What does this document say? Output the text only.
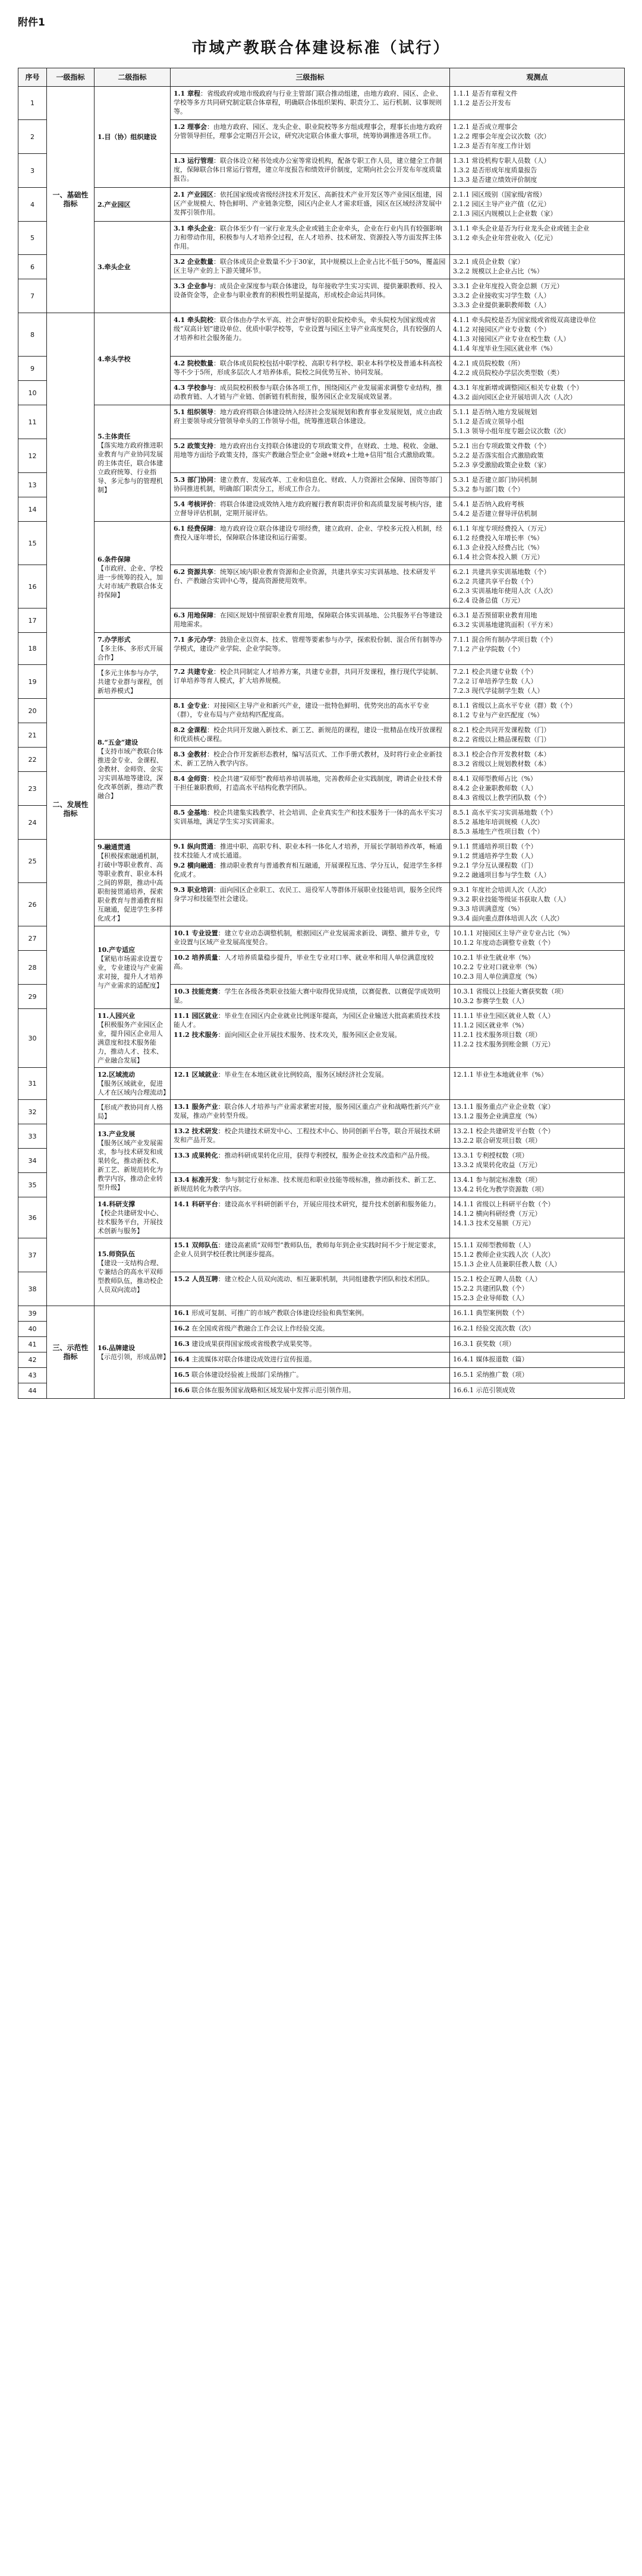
附件1
市域产教联合体建设标准（试行）
序号	一级指标	二级指标	三级指标	观测点
1	一、基础性指标	1.目（协）组织建设	1.1 章程：省级政府或地市级政府与行业主管部门联合推动组建，由地方政府、园区、企业、学校等多方共同研究制定联合体章程，明确联合体组织架构、职责分工、运行机制、议事规则等。	1.1.1 是否有章程文件
1.1.2 是否公开发布

2			1.2 理事会：由地方政府、园区、龙头企业、职业院校等多方组成理事会，理事长由地方政府分管领导担任，理事会定期召开会议，研究决定联合体重大事项，统筹协调推进各项工作。	1.2.1 是否成立理事会
1.2.2 理事会年度会议次数（次）
1.2.3 是否有年度工作计划

3			1.3 运行管理：联合体设立秘书处或办公室等常设机构，配备专职工作人员，建立健全工作制度，保障联合体日常运行管理，建立年度报告和绩效评价制度，定期向社会公开发布年度质量报告。	1.3.1 常设机构专职人员数（人）
1.3.2 是否形成年度质量报告
1.3.3 是否建立绩效评价制度

4		2.产业园区	2.1 产业园区：依托国家级或省级经济技术开发区、高新技术产业开发区等产业园区组建，园区产业规模大、特色鲜明、产业链条完整，园区内企业人才需求旺盛，园区在区域经济发展中发挥引领作用。	2.1.1 园区级别（国家级/省级）
2.1.2 园区主导产业产值（亿元）
2.1.3 园区内规模以上企业数（家）

5		3.牵头企业	3.1 牵头企业：联合体至少有一家行业龙头企业或链主企业牵头，企业在行业内具有较强影响力和带动作用，积极参与人才培养全过程，在人才培养、技术研发、资源投入等方面发挥主体作用。	3.1.1 牵头企业是否为行业龙头企业或链主企业
3.1.2 牵头企业年营业收入（亿元）

6			3.2 企业数量：联合体成员企业数量不少于30家，其中规模以上企业占比不低于50%，覆盖园区主导产业的上下游关键环节。	3.2.1 成员企业数（家）
3.2.2 规模以上企业占比（%）

7			3.3 企业参与：成员企业深度参与联合体建设，每年接收学生实习实训、提供兼职教师、投入设备资金等，企业参与职业教育的积极性明显提高，形成校企命运共同体。	3.3.1 企业年度投入资金总额（万元）
3.3.2 企业接收实习学生数（人）
3.3.3 企业提供兼职教师数（人）

8	二、发展性指标	4.牵头学校	4.1 牵头院校：联合体由办学水平高、社会声誉好的职业院校牵头，牵头院校为国家级或省级“双高计划”建设单位、优质中职学校等，专业设置与园区主导产业高度契合，具有较强的人才培养和社会服务能力。	4.1.1 牵头院校是否为国家级或省级双高建设单位
4.1.2 对接园区产业专业数（个）
4.1.3 对接园区产业专业在校生数（人）
4.1.4 年度毕业生园区就业率（%）

9			4.2 院校数量：联合体成员院校包括中职学校、高职专科学校、职业本科学校及普通本科高校等不少于5所，形成多层次人才培养体系，院校之间优势互补、协同发展。	4.2.1 成员院校数（所）
4.2.2 成员院校办学层次类型数（类）

10			4.3 学校参与：成员院校积极参与联合体各项工作，围绕园区产业发展需求调整专业结构，推动教育链、人才链与产业链、创新链有机衔接，服务园区企业发展成效显著。	4.3.1 年度新增或调整园区相关专业数（个）
4.3.2 面向园区企业开展培训人次（人次）

11		5.主体责任
【落实地方政府推进职业教育与产业协同发展的主体责任，联合体建立政府统筹、行业指导、多元参与的管理机制】	5.1 组织领导：地方政府将联合体建设纳入经济社会发展规划和教育事业发展规划，成立由政府主要领导或分管领导牵头的工作领导小组，统筹推进联合体建设。	5.1.1 是否纳入地方发展规划
5.1.2 是否成立领导小组
5.1.3 领导小组年度专题会议次数（次）

12			5.2 政策支持：地方政府出台支持联合体建设的专项政策文件，在财政、土地、税收、金融、用地等方面给予政策支持，落实产教融合型企业“金融+财政+土地+信用”组合式激励政策。	5.2.1 出台专项政策文件数（个）
5.2.2 是否落实组合式激励政策
5.2.3 享受激励政策企业数（家）

13			5.3 部门协同：建立教育、发展改革、工业和信息化、财政、人力资源社会保障、国资等部门协同推进机制，明确部门职责分工，形成工作合力。	5.3.1 是否建立部门协同机制
5.3.2 参与部门数（个）

14			5.4 考核评价：将联合体建设成效纳入地方政府履行教育职责评价和高质量发展考核内容，建立督导评估机制，定期开展评估。	5.4.1 是否纳入政府考核
5.4.2 是否建立督导评估机制

15		6.条件保障
【市政府、企业、学校进一步统筹的投入，加大对市域产教联合体支持保障】	6.1 经费保障：地方政府设立联合体建设专项经费，建立政府、企业、学校多元投入机制，经费投入逐年增长，保障联合体建设和运行需要。	6.1.1 年度专项经费投入（万元）
6.1.2 经费投入年增长率（%）
6.1.3 企业投入经费占比（%）
6.1.4 社会资本投入额（万元）

16			6.2 资源共享：统筹区域内职业教育资源和企业资源，共建共享实习实训基地、技术研发平台、产教融合实训中心等，提高资源使用效率。	6.2.1 共建共享实训基地数（个）
6.2.2 共建共享平台数（个）
6.2.3 实训基地年使用人次（人次）
6.2.4 设备总值（万元）

17			6.3 用地保障：在园区规划中预留职业教育用地，保障联合体实训基地、公共服务平台等建设用地需求。	6.3.1 是否预留职业教育用地
6.3.2 实训基地建筑面积（平方米）

18		7.办学形式
【多主体、多形式开展合作】	7.1 多元办学：鼓励企业以资本、技术、管理等要素参与办学，探索股份制、混合所有制等办学模式，建设产业学院、企业学院等。	7.1.1 混合所有制办学项目数（个）
7.1.2 产业学院数（个）

19		【多元主体参与办学，共建专业群与课程，创新培养模式】	7.2 共建专业：校企共同制定人才培养方案，共建专业群，共同开发课程，推行现代学徒制、订单培养等育人模式，扩大培养规模。	7.2.1 校企共建专业数（个）
7.2.2 订单培养学生数（人）
7.2.3 现代学徒制学生数（人）

20		8.“五金”建设
【支持市域产教联合体推进金专业、金课程、金教材、金师资、金实习实训基地等建设，深化改革创新，推动产教融合】	8.1 金专业：对接园区主导产业和新兴产业，建设一批特色鲜明、优势突出的高水平专业（群），专业布局与产业结构匹配度高。	8.1.1 省级以上高水平专业（群）数（个）
8.1.2 专业与产业匹配度（%）

21			8.2 金课程：校企共同开发融入新技术、新工艺、新规范的课程，建设一批精品在线开放课程和优质核心课程。	8.2.1 校企共同开发课程数（门）
8.2.2 省级以上精品课程数（门）

22			8.3 金教材：校企合作开发新形态教材，编写活页式、工作手册式教材，及时将行业企业新技术、新工艺纳入教学内容。	8.3.1 校企合作开发教材数（本）
8.3.2 省级以上规划教材数（本）

23			8.4 金师资：校企共建“双师型”教师培养培训基地，完善教师企业实践制度，聘请企业技术骨干担任兼职教师，打造高水平结构化教学团队。	8.4.1 双师型教师占比（%）
8.4.2 企业兼职教师数（人）
8.4.3 省级以上教学团队数（个）

24			8.5 金基地：校企共建集实践教学、社会培训、企业真实生产和技术服务于一体的高水平实习实训基地，满足学生实习实训需求。	8.5.1 高水平实习实训基地数（个）
8.5.2 基地年培训规模（人次）
8.5.3 基地生产性项目数（个）

25		9.融通贯通
【积极探索融通机制，打破中等职业教育、高等职业教育、职业本科之间的界限，推动中高职衔接贯通培养，探索职业教育与普通教育相互融通，促进学生多样化成才】	9.1 纵向贯通：推进中职、高职专科、职业本科一体化人才培养，开展长学制培养改革，畅通技术技能人才成长通道。
9.2 横向融通：推动职业教育与普通教育相互融通，开展课程互选、学分互认，促进学生多样化成才。	9.1.1 贯通培养项目数（个）
9.1.2 贯通培养学生数（人）
9.2.1 学分互认课程数（门）
9.2.2 融通项目参与学生数（人）

26			9.3 职业培训：面向园区企业职工、农民工、退役军人等群体开展职业技能培训，服务全民终身学习和技能型社会建设。	9.3.1 年度社会培训人次（人次）
9.3.2 职业技能等级证书获取人数（人）
9.3.3 培训满意度（%）
9.3.4 面向重点群体培训人次（人次）

27		10.产专适应
【紧贴市场需求设置专业，专业建设与产业需求对接，提升人才培养与产业需求的适配度】	10.1 专业设置：建立专业动态调整机制，根据园区产业发展需求新设、调整、撤并专业，专业设置与区域产业发展高度契合。	10.1.1 对接园区主导产业专业占比（%）
10.1.2 年度动态调整专业数（个）

28			10.2 培养质量：人才培养质量稳步提升，毕业生专业对口率、就业率和用人单位满意度较高。	10.2.1 毕业生就业率（%）
10.2.2 专业对口就业率（%）
10.2.3 用人单位满意度（%）

29			10.3 技能竞赛：学生在各级各类职业技能大赛中取得优异成绩，以赛促教、以赛促学成效明显。	10.3.1 省级以上技能大赛获奖数（项）
10.3.2 参赛学生数（人）

30		11.人园兴业
【积极服务产业园区企业，提升园区企业用人满意度和技术服务能力，推动人才、技术、产业融合发展】	11.1 园区就业：毕业生在园区内企业就业比例逐年提高，为园区企业输送大批高素质技术技能人才。
11.2 技术服务：面向园区企业开展技术服务、技术攻关，服务园区企业发展。	11.1.1 毕业生园区就业人数（人）
11.1.2 园区就业率（%）
11.2.1 技术服务项目数（项）
11.2.2 技术服务到账金额（万元）

31		12.区域流动
【服务区域就业，促进人才在区域内合理流动】	12.1 区域就业：毕业生在本地区就业比例较高，服务区域经济社会发展。	12.1.1 毕业生本地就业率（%）

32		【形成产教协同育人格局】	13.1 服务产业：联合体人才培养与产业需求紧密对接，服务园区重点产业和战略性新兴产业发展，推动产业转型升级。	13.1.1 服务重点产业企业数（家）
13.1.2 服务企业满意度（%）

33		13.产业发展
【服务区域产业发展需求，参与技术研发和成果转化，推动新技术、新工艺、新规范转化为教学内容，推动企业转型升级】	13.2 技术研发：校企共建技术研发中心、工程技术中心、协同创新平台等，联合开展技术研发和产品开发。	13.2.1 校企共建研发平台数（个）
13.2.2 联合研发项目数（项）

34			13.3 成果转化：推动科研成果转化应用，获得专利授权，服务企业技术改造和产品升级。	13.3.1 专利授权数（项）
13.3.2 成果转化收益（万元）

35			13.4 标准开发：参与制定行业标准、技术规范和职业技能等级标准，推动新技术、新工艺、新规范转化为教学内容。	13.4.1 参与制定标准数（项）
13.4.2 转化为教学资源数（项）

36		14.科研支撑
【校企共建研发中心、技术服务平台，开展技术创新与服务】	14.1 科研平台：建设高水平科研创新平台，开展应用技术研究，提升技术创新和服务能力。	14.1.1 省级以上科研平台数（个）
14.1.2 横向科研经费（万元）
14.1.3 技术交易额（万元）

37		15.师资队伍
【建设一支结构合理、专兼结合的高水平双师型教师队伍，推动校企人员双向流动】	15.1 双师队伍：建设高素质“双师型”教师队伍，教师每年到企业实践时间不少于规定要求，企业人员到学校任教比例逐步提高。	15.1.1 双师型教师数（人）
15.1.2 教师企业实践人次（人次）
15.1.3 企业人员兼职任教人数（人）

38			15.2 人员互聘：建立校企人员双向流动、相互兼职机制，共同组建教学团队和技术团队。	15.2.1 校企互聘人员数（人）
15.2.2 共建团队数（个）
15.2.3 企业导师数（人）

39	三、示范性指标	16.品牌建设
【示范引领，形成品牌】	16.1 形成可复制、可推广的市域产教联合体建设经验和典型案例。	16.1.1 典型案例数（个）

40			16.2 在全国或省级产教融合工作会议上作经验交流。	16.2.1 经验交流次数（次）

41			16.3 建设成果获得国家级或省级教学成果奖等。	16.3.1 获奖数（项）

42			16.4 主流媒体对联合体建设成效进行宣传报道。	16.4.1 媒体报道数（篇）

43			16.5 联合体建设经验被上级部门采纳推广。	16.5.1 采纳推广数（项）

44			16.6 联合体在服务国家战略和区域发展中发挥示范引领作用。	16.6.1 示范引领成效
